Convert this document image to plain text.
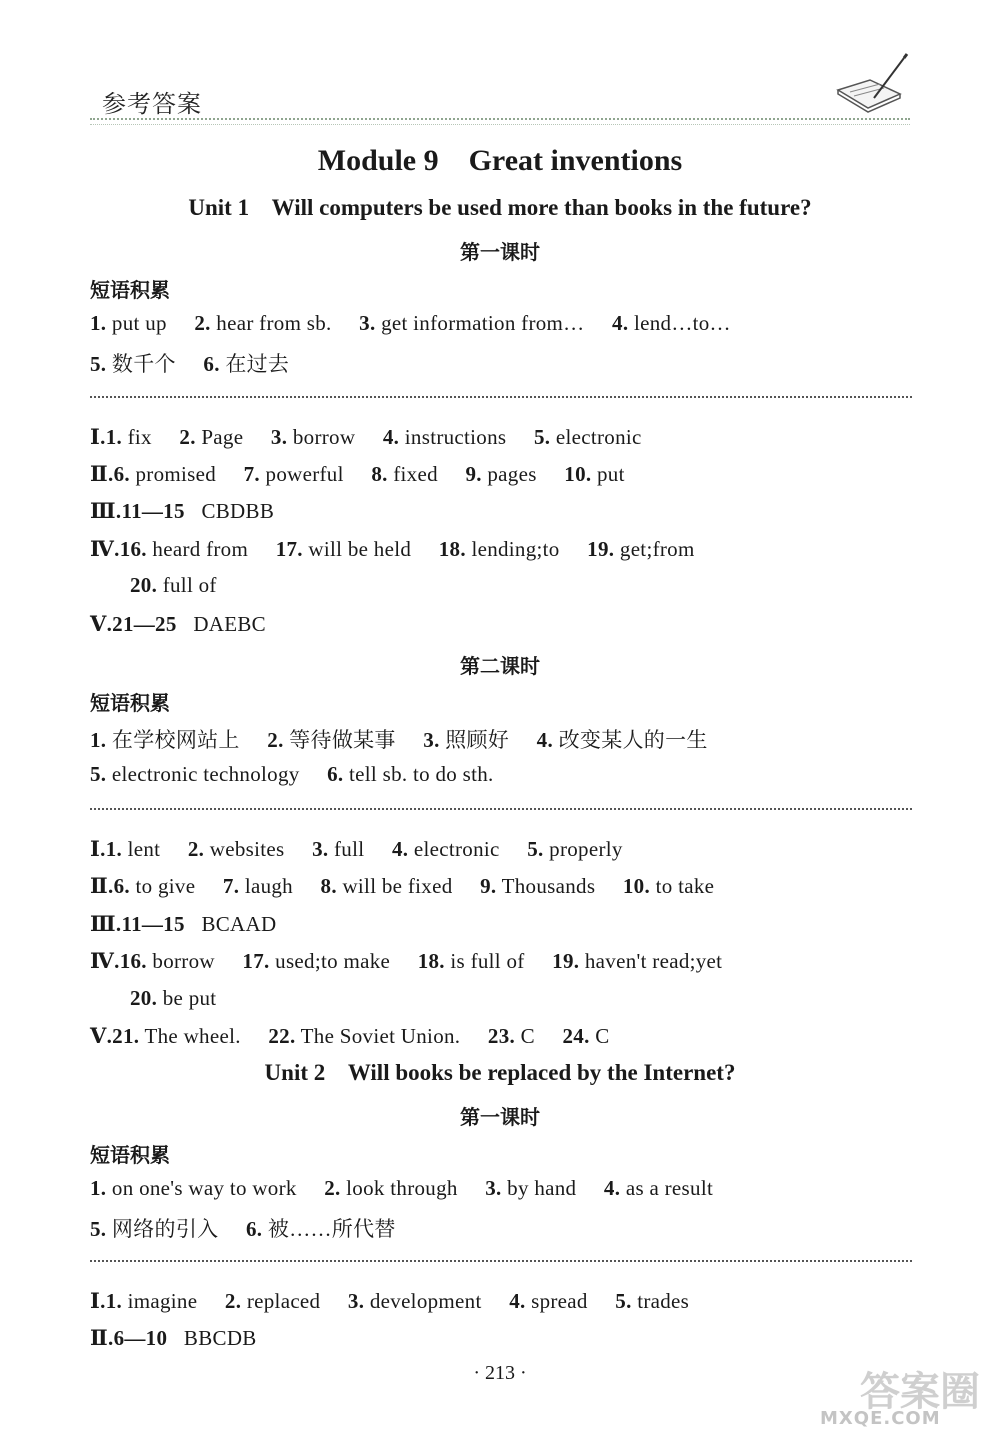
参考答案
Module 9    Great inventions
Unit 1    Will computers be used more than books in the future?
第一课时
短语积累
1. put up 2. hear from sb. 3. get information from… 4. lend…to…
5. 数千个 6. 在过去
Ⅰ.1. fix 2. Page 3. borrow 4. instructions 5. electronic
Ⅱ.6. promised 7. powerful 8. fixed 9. pages 10. put
Ⅲ.11—15 CBDBB
Ⅳ.16. heard from 17. will be held 18. lending;to 19. get;from
20. full of
Ⅴ.21—25 DAEBC
第二课时
短语积累
1. 在学校网站上 2. 等待做某事 3. 照顾好 4. 改变某人的一生
5. electronic technology 6. tell sb. to do sth.
Ⅰ.1. lent 2. websites 3. full 4. electronic 5. properly
Ⅱ.6. to give 7. laugh 8. will be fixed 9. Thousands 10. to take
Ⅲ.11—15 BCAAD
Ⅳ.16. borrow 17. used;to make 18. is full of 19. haven't read;yet
20. be put
Ⅴ.21. The wheel. 22. The Soviet Union. 23. C 24. C
Unit 2    Will books be replaced by the Internet?
第一课时
短语积累
1. on one's way to work 2. look through 3. by hand 4. as a result
5. 网络的引入 6. 被……所代替
Ⅰ.1. imagine 2. replaced 3. development 4. spread 5. trades
Ⅱ.6—10 BBCDB
· 213 ·	答案圈
MXQE.COM
